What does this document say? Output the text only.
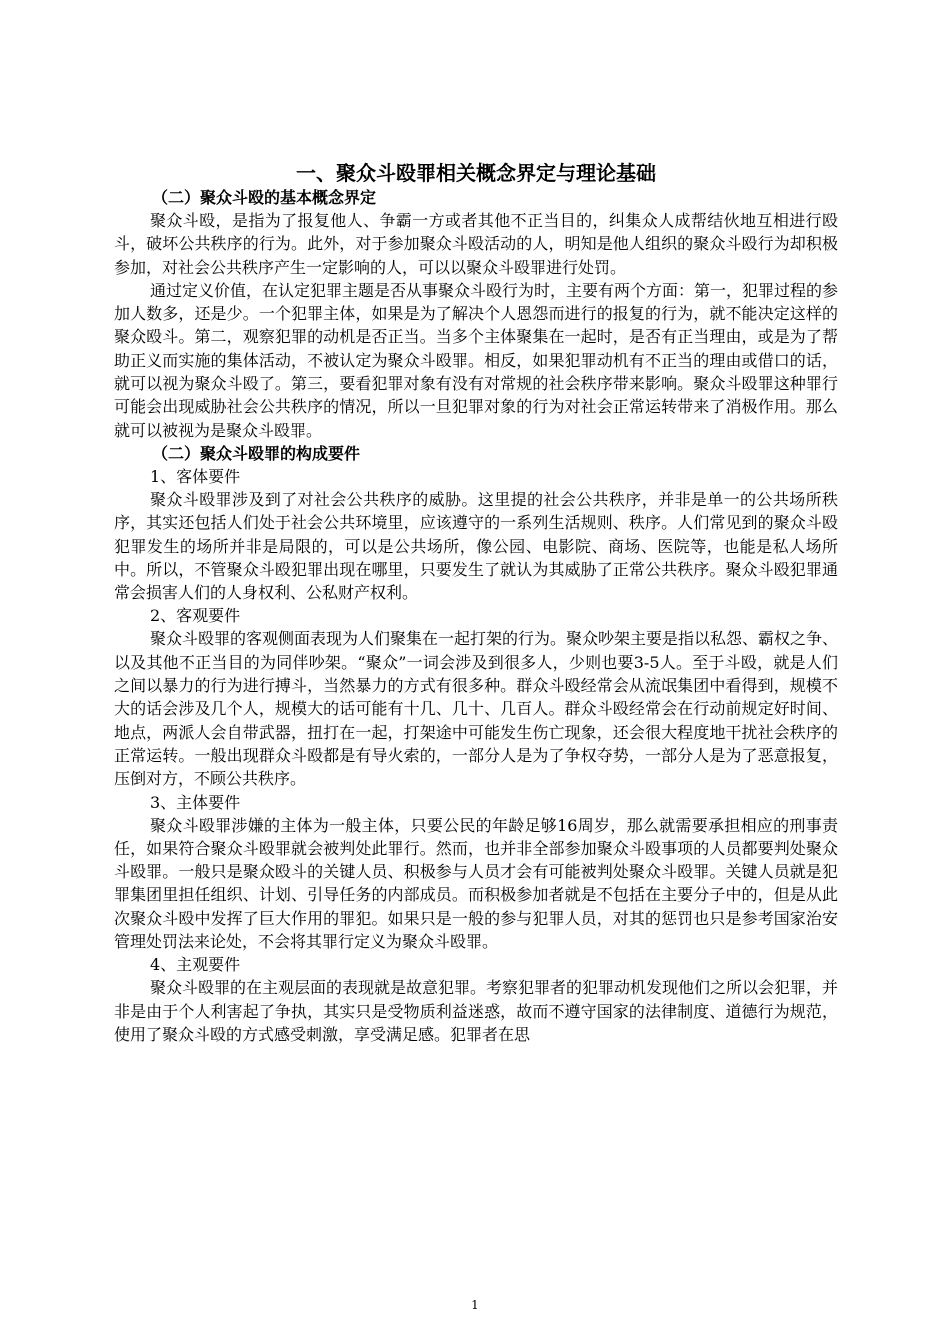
一、聚众斗殴罪相关概念界定与理论基础

（二）聚众斗殴的基本概念界定

聚众斗殴，是指为了报复他人、争霸一方或者其他不正当目的，纠集众人成帮结伙地互相进行殴斗，破坏公共秩序的行为。此外，对于参加聚众斗殴活动的人，明知是他人组织的聚众斗殴行为却积极参加，对社会公共秩序产生一定影响的人，可以以聚众斗殴罪进行处罚。

通过定义价值，在认定犯罪主题是否从事聚众斗殴行为时，主要有两个方面：第一，犯罪过程的参加人数多，还是少。一个犯罪主体，如果是为了解决个人恩怨而进行的报复的行为，就不能决定这样的聚众殴斗。第二，观察犯罪的动机是否正当。当多个主体聚集在一起时，是否有正当理由，或是为了帮助正义而实施的集体活动，不被认定为聚众斗殴罪。相反，如果犯罪动机有不正当的理由或借口的话，就可以视为聚众斗殴了。第三，要看犯罪对象有没有对常规的社会秩序带来影响。聚众斗殴罪这种罪行可能会出现威胁社会公共秩序的情况，所以一旦犯罪对象的行为对社会正常运转带来了消极作用。那么就可以被视为是聚众斗殴罪。

（二）聚众斗殴罪的构成要件

1、客体要件

聚众斗殴罪涉及到了对社会公共秩序的威胁。这里提的社会公共秩序，并非是单一的公共场所秩序，其实还包括人们处于社会公共环境里，应该遵守的一系列生活规则、秩序。人们常见到的聚众斗殴犯罪发生的场所并非是局限的，可以是公共场所，像公园、电影院、商场、医院等，也能是私人场所中。所以，不管聚众斗殴犯罪出现在哪里，只要发生了就认为其威胁了正常公共秩序。聚众斗殴犯罪通常会损害人们的人身权利、公私财产权利。

2、客观要件

聚众斗殴罪的客观侧面表现为人们聚集在一起打架的行为。聚众吵架主要是指以私怨、霸权之争、以及其他不正当目的为同伴吵架。“聚众”一词会涉及到很多人，少则也要3-5人。至于斗殴，就是人们之间以暴力的行为进行搏斗，当然暴力的方式有很多种。群众斗殴经常会从流氓集团中看得到，规模不大的话会涉及几个人，规模大的话可能有十几、几十、几百人。群众斗殴经常会在行动前规定好时间、地点，两派人会自带武器，扭打在一起，打架途中可能发生伤亡现象，还会很大程度地干扰社会秩序的正常运转。一般出现群众斗殴都是有导火索的，一部分人是为了争权夺势，一部分人是为了恶意报复，压倒对方，不顾公共秩序。

3、主体要件

聚众斗殴罪涉嫌的主体为一般主体，只要公民的年龄足够16周岁，那么就需要承担相应的刑事责任，如果符合聚众斗殴罪就会被判处此罪行。然而，也并非全部参加聚众斗殴事项的人员都要判处聚众斗殴罪。一般只是聚众殴斗的关键人员、积极参与人员才会有可能被判处聚众斗殴罪。关键人员就是犯罪集团里担任组织、计划、引导任务的内部成员。而积极参加者就是不包括在主要分子中的，但是从此次聚众斗殴中发挥了巨大作用的罪犯。如果只是一般的参与犯罪人员，对其的惩罚也只是参考国家治安管理处罚法来论处，不会将其罪行定义为聚众斗殴罪。

4、主观要件

聚众斗殴罪的在主观层面的表现就是故意犯罪。考察犯罪者的犯罪动机发现他们之所以会犯罪，并非是由于个人利害起了争执，其实只是受物质利益迷惑，故而不遵守国家的法律制度、道德行为规范，使用了聚众斗殴的方式感受刺激，享受满足感。犯罪者在思

1
